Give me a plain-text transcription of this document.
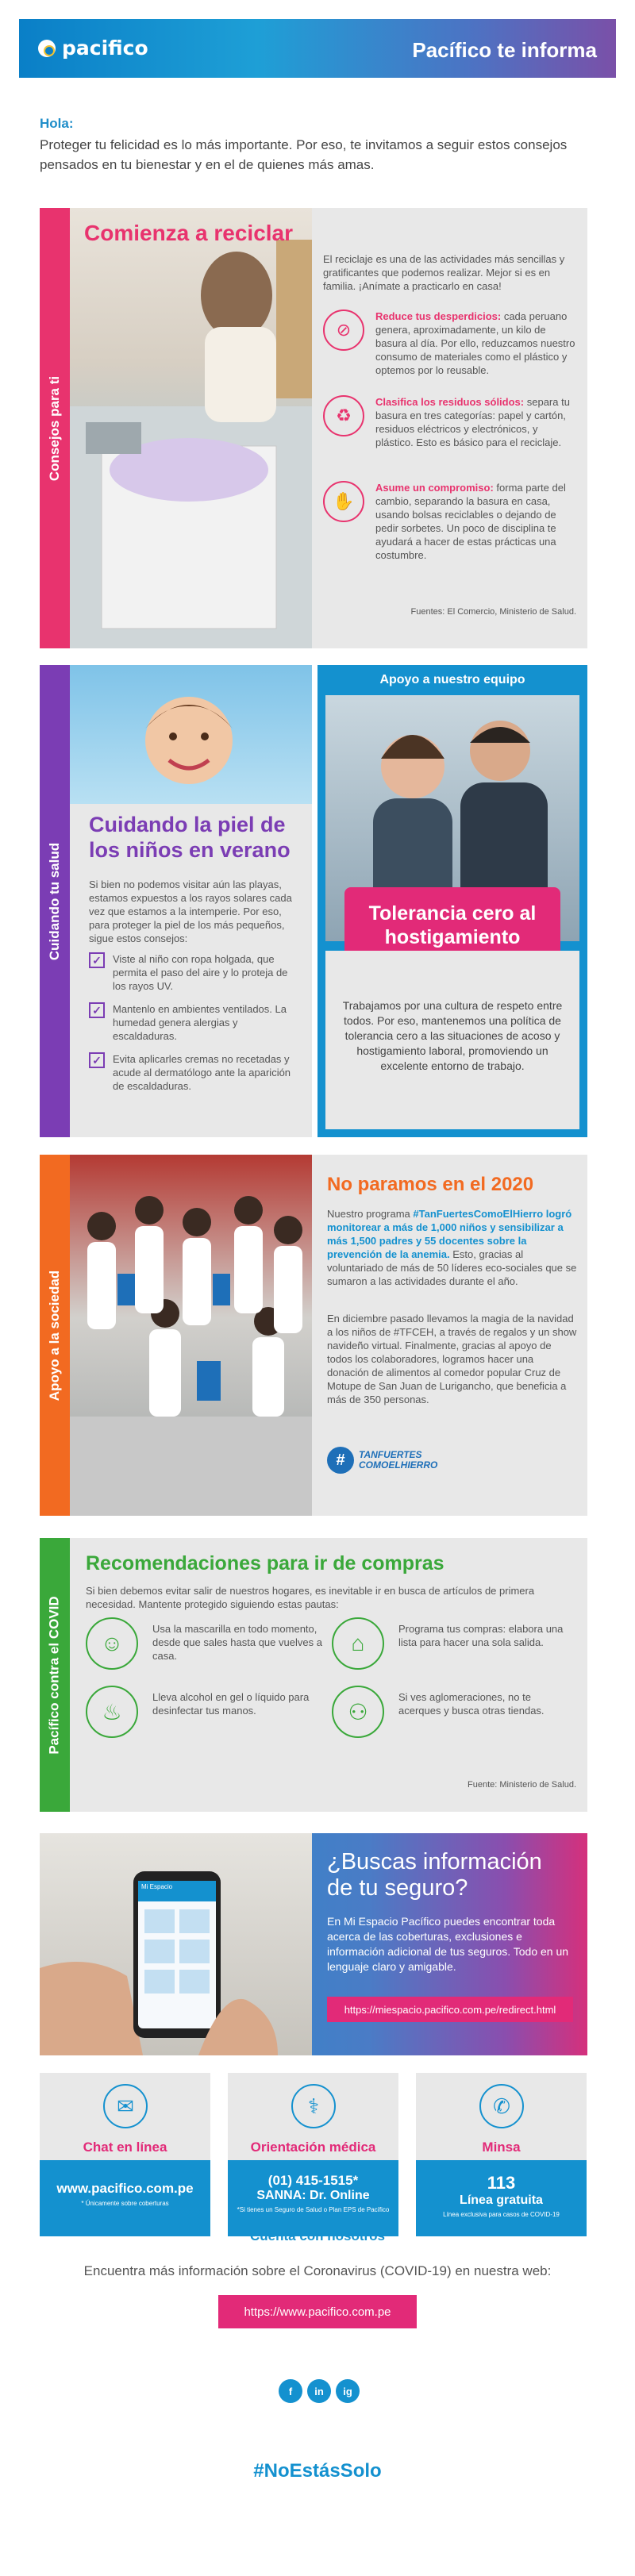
pacifico	Pacífico te informa
Hola:
Proteger tu felicidad es lo más importante. Por eso, te invitamos a seguir estos consejos pensados en tu bienestar y en el de quienes más amas.
Consejos para ti
Comienza a reciclar
El reciclaje es una de las actividades más sencillas y gratificantes que podemos realizar. Mejor si es en familia. ¡Anímate a practicarlo en casa!
⊘
Reduce tus desperdicios: cada peruano genera, aproximadamente, un kilo de basura al día. Por ello, reduzcamos nuestro consumo de materiales como el plástico y optemos por lo reusable.
♻
Clasifica los residuos sólidos: separa tu basura en tres categorías: papel y cartón, residuos eléctricos y electrónicos, y plástico. Esto es básico para el reciclaje.
✋
Asume un compromiso: forma parte del cambio, separando la basura en casa, usando bolsas reciclables o dejando de pedir sorbetes. Un poco de disciplina te ayudará a hacer de estas prácticas una costumbre.
Fuentes: El Comercio, Ministerio de Salud.
Cuidando tu salud
Cuidando la piel de los niños en verano
Si bien no podemos visitar aún las playas, estamos expuestos a los rayos solares cada vez que estamos a la intemperie. Por eso, para proteger la piel de los más pequeños, sigue estos consejos:
✓	Viste al niño con ropa holgada, que permita el paso del aire y lo proteja de los rayos UV.
✓	Mantenlo en ambientes ventilados. La humedad genera alergias y escaldaduras.
✓	Evita aplicarles cremas no recetadas y acude al dermatólogo ante la aparición de escaldaduras.
Apoyo a nuestro equipo
Tolerancia cero al hostigamiento
Trabajamos por una cultura de respeto entre todos. Por eso, mantenemos una política de tolerancia cero a las situaciones de acoso y hostigamiento laboral, promoviendo un excelente entorno de trabajo.
Apoyo a la sociedad
No paramos en el 2020
Nuestro programa #TanFuertesComoElHierro logró monitorear a más de 1,000 niños y sensibilizar a más 1,500 padres y 55 docentes sobre la prevención de la anemia. Esto, gracias al voluntariado de más de 50 líderes eco-sociales que se sumaron a las actividades durante el año.
En diciembre pasado llevamos la magia de la navidad a los niños de #TFCEH, a través de regalos y un show navideño virtual. Finalmente, gracias al apoyo de todos los colaboradores, logramos hacer una donación de alimentos al comedor popular Cruz de Motupe de San Juan de Lurigancho, que beneficia a más de 350 personas.
#	TANFUERTES
COMOELHIERRO
Pacífico contra el COVID
Recomendaciones para ir de compras
Si bien debemos evitar salir de nuestros hogares, es inevitable ir en busca de artículos de primera necesidad. Mantente protegido siguiendo estas pautas:
☺
Usa la mascarilla en todo momento, desde que sales hasta que vuelves a casa.
⌂
Programa tus compras: elabora una lista para hacer una sola salida.
♨
Lleva alcohol en gel o líquido para desinfectar tus manos.	⚇
Si ves aglomeraciones, no te acerques y busca otras tiendas.
Fuente: Ministerio de Salud.
Mi Espacio
¿Buscas información de tu seguro?
En Mi Espacio Pacífico puedes encontrar toda acerca de las coberturas, exclusiones e información adicional de tus seguros. Todo en un lenguaje claro y amigable.
https://miespacio.pacifico.com.pe/redirect.html
✉
Chat en línea
www.pacifico.com.pe
* Únicamente sobre coberturas
⚕
Orientación médica
(01) 415-1515*
SANNA: Dr. Online
*Si tienes un Seguro de Salud o Plan EPS de Pacífico
✆
Minsa
113
Línea gratuita
Línea exclusiva para casos de COVID-19
Cuenta con nosotros
Encuentra más información sobre el Coronavirus (COVID-19) en nuestra web:
https://www.pacifico.com.pe
f	in	ig
#NoEstásSolo
